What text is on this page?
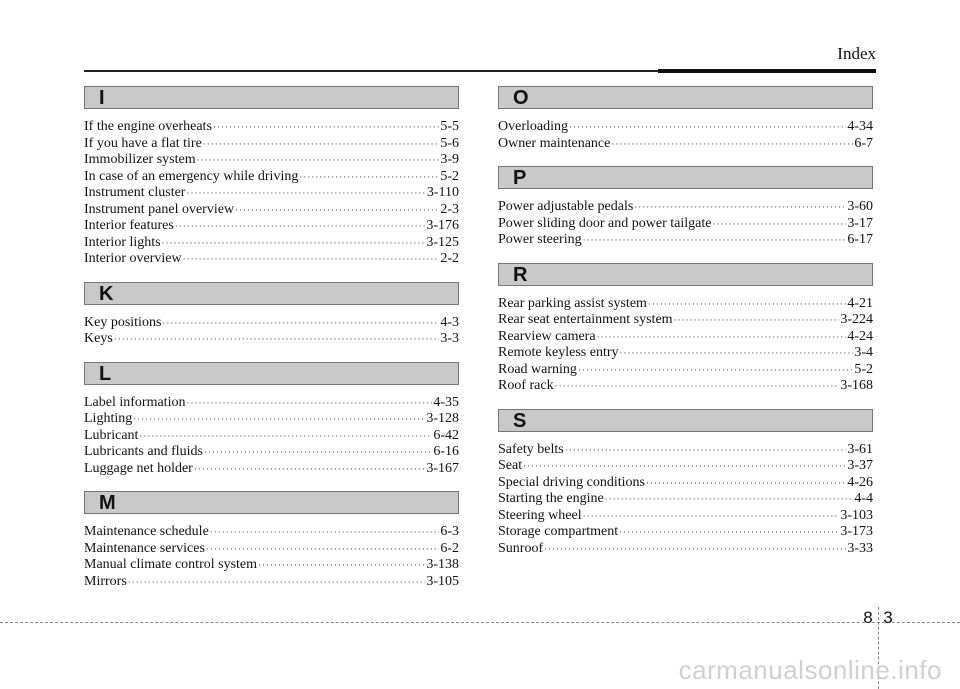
Index
I
If the engine overheats ·····	5-5
If you have a flat tire ·····	5-6
Immobilizer system ·····	3-9
In case of an emergency while driving ·····	5-2
Instrument cluster ·····	3-110
Instrument panel overview ·····	2-3
Interior features ·····	3-176
Interior lights ·····	3-125
Interior overview ·····	2-2
K
Key positions ·····	4-3
Keys ·····	3-3
L
Label information ·····	4-35
Lighting ·····	3-128
Lubricant ·····	6-42
Lubricants and fluids ·····	6-16
Luggage net holder ·····	3-167
M
Maintenance schedule ·····	6-3
Maintenance services ·····	6-2
Manual climate control system ·····	3-138
Mirrors ·····	3-105
O
Overloading ·····	4-34
Owner maintenance ·····	6-7
P
Power adjustable pedals ·····	3-60
Power sliding door and power tailgate ·····	3-17
Power steering ·····	6-17
R
Rear parking assist system ·····	4-21
Rear seat entertainment system ·····	3-224
Rearview camera ·····	4-24
Remote keyless entry ·····	3-4
Road warning ·····	5-2
Roof rack ·····	3-168
S
Safety belts ·····	3-61
Seat ·····	3-37
Special driving conditions ·····	4-26
Starting the engine ·····	4-4
Steering wheel ·····	3-103
Storage compartment ·····	3-173
Sunroof ·····	3-33
8 3
carmanualsonline.info
